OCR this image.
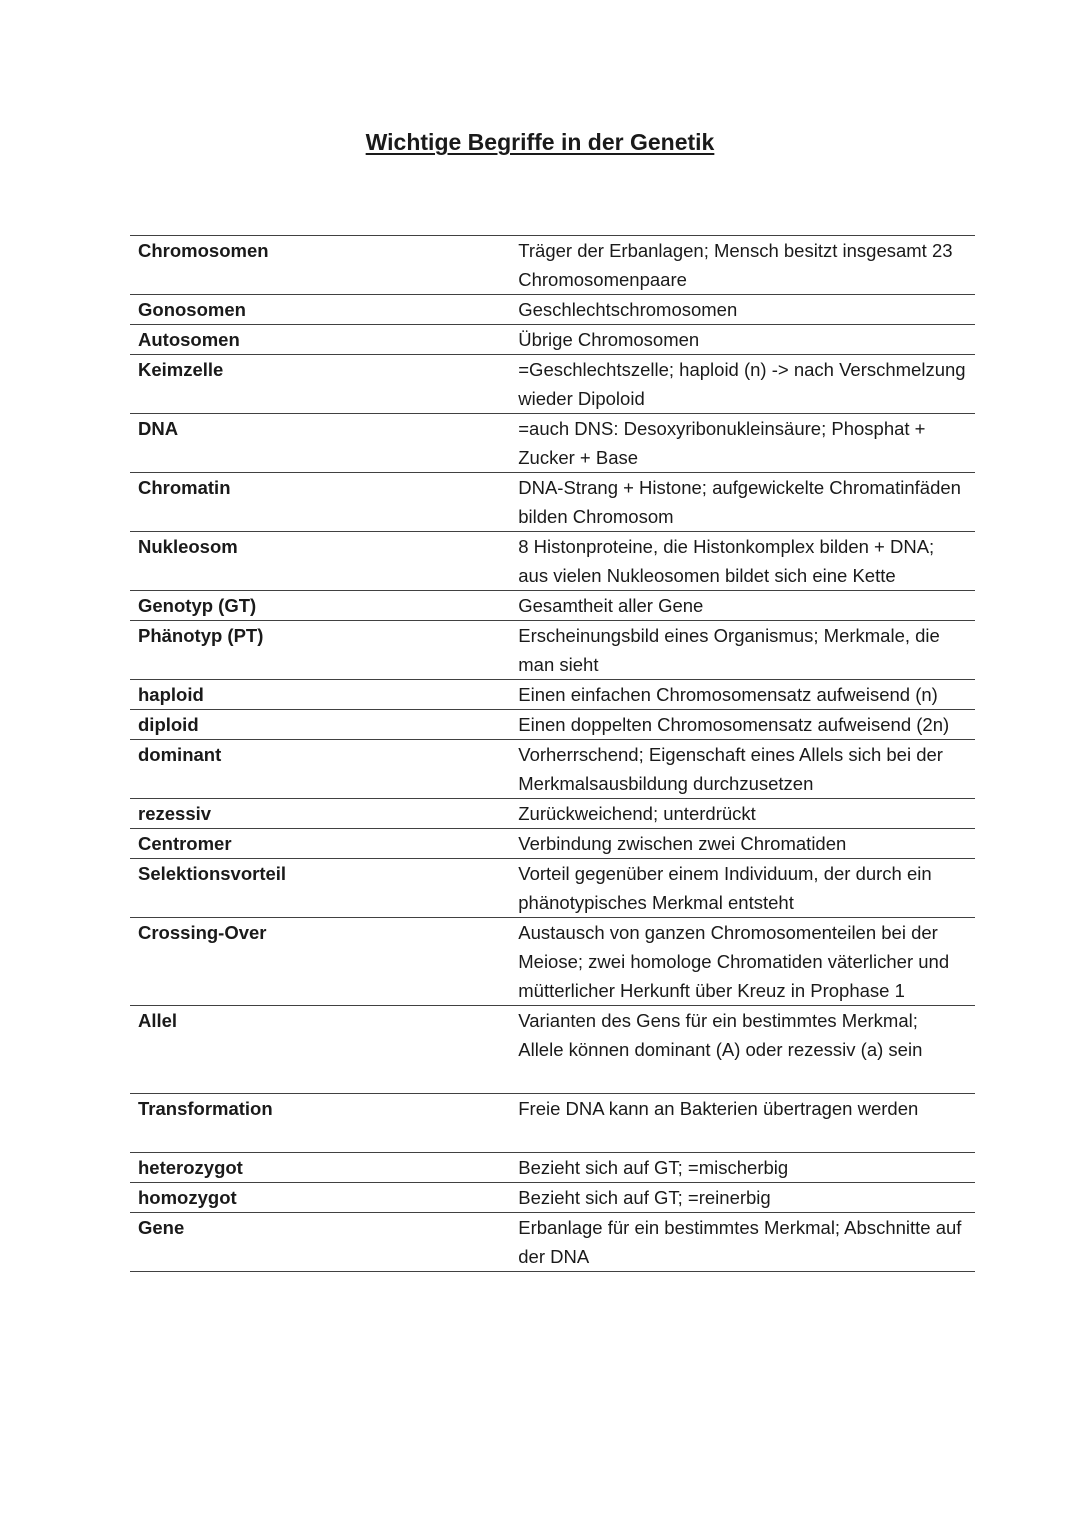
Wichtige Begriffe in der Genetik
Chromosomen	Träger der Erbanlagen; Mensch besitzt insgesamt 23 Chromosomenpaare
Gonosomen	Geschlechtschromosomen
Autosomen	Übrige Chromosomen
Keimzelle	=Geschlechtszelle; haploid (n) -> nach Verschmelzung wieder Dipoloid
DNA	=auch DNS: Desoxyribonukleinsäure; Phosphat + Zucker + Base
Chromatin	DNA-Strang + Histone; aufgewickelte Chromatinfäden bilden Chromosom
Nukleosom	8 Histonproteine, die Histonkomplex bilden + DNA; aus vielen Nukleosomen bildet sich eine Kette
Genotyp (GT)	Gesamtheit aller Gene
Phänotyp (PT)	Erscheinungsbild eines Organismus; Merkmale, die man sieht
haploid	Einen einfachen Chromosomensatz aufweisend (n)
diploid	Einen doppelten Chromosomensatz aufweisend (2n)
dominant	Vorherrschend; Eigenschaft eines Allels sich bei der Merkmalsausbildung durchzusetzen
rezessiv	Zurückweichend; unterdrückt
Centromer	Verbindung zwischen zwei Chromatiden
Selektionsvorteil	Vorteil gegenüber einem Individuum, der durch ein phänotypisches Merkmal entsteht
Crossing-Over	Austausch von ganzen Chromosomenteilen bei der Meiose; zwei homologe Chromatiden väterlicher und mütterlicher Herkunft über Kreuz in Prophase 1
Allel	Varianten des Gens für ein bestimmtes Merkmal; Allele können dominant (A) oder rezessiv (a) sein
Transformation	Freie DNA kann an Bakterien übertragen werden
heterozygot	Bezieht sich auf GT; =mischerbig
homozygot	Bezieht sich auf GT; =reinerbig
Gene	Erbanlage für ein bestimmtes Merkmal; Abschnitte auf der DNA
